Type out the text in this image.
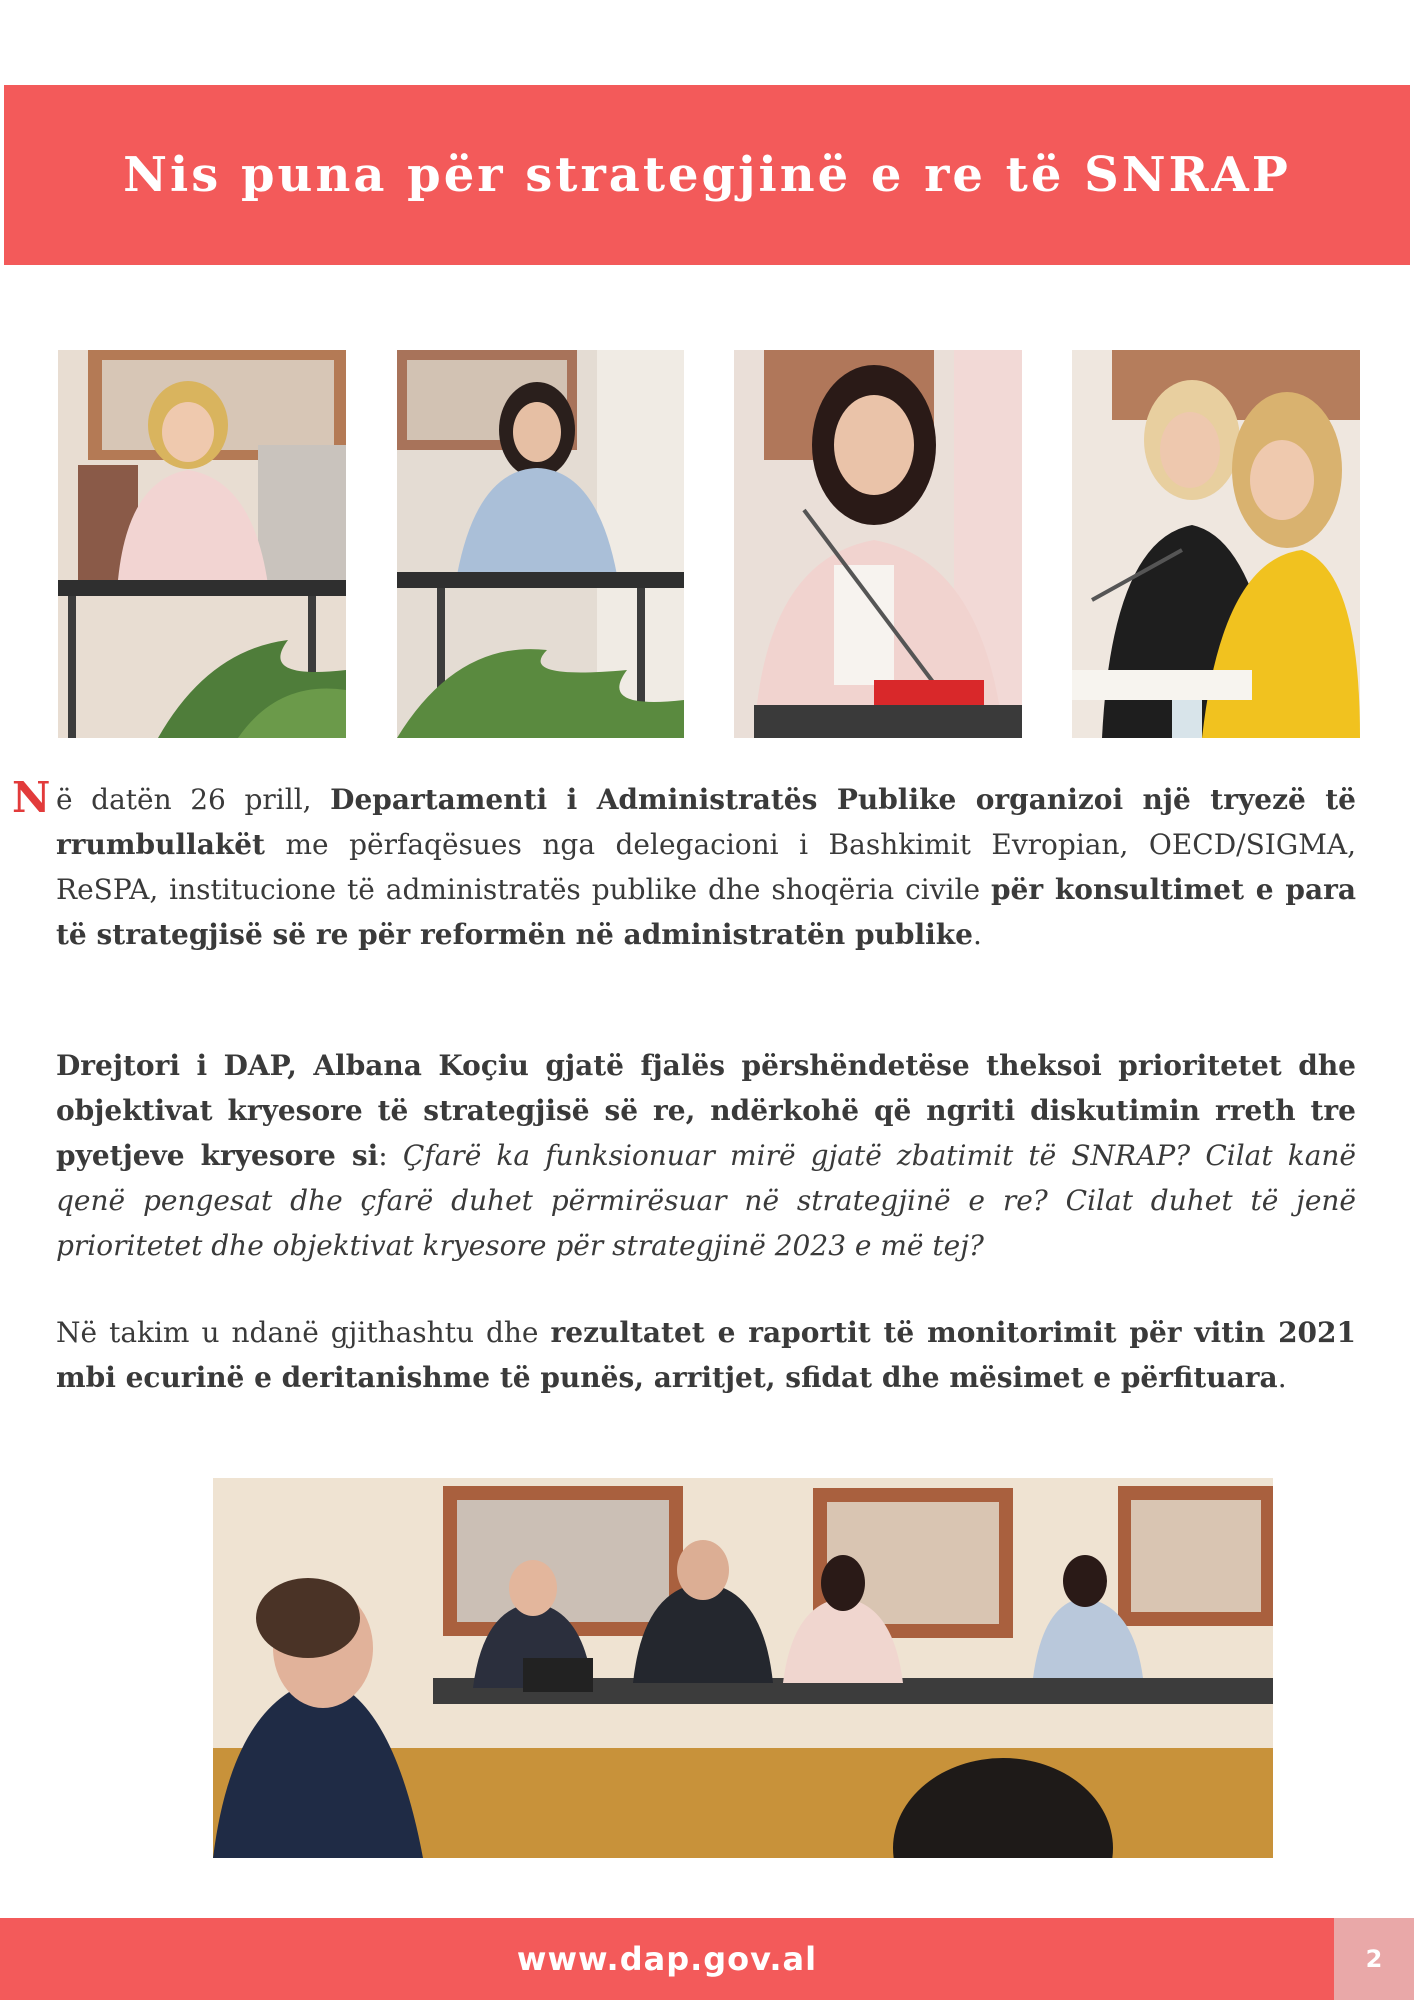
Nis puna për strategjinë e re të SNRAP
N ë datën 26 prill, Departamenti i Administratës Publike organizoi një tryezë të rrumbullakët me përfaqësues nga delegacioni i Bashkimit Evropian, OECD/SIGMA, ReSPA, institucione të administratës publike dhe shoqëria civile për konsultimet e para të strategjisë së re për reformën në administratën publike.
Drejtori i DAP, Albana Koçiu gjatë fjalës përshëndetëse theksoi prioritetet dhe objektivat kryesore të strategjisë së re, ndërkohë që ngriti diskutimin rreth tre pyetjeve kryesore si: Çfarë ka funksionuar mirë gjatë zbatimit të SNRAP? Cilat kanë qenë pengesat dhe çfarë duhet përmirësuar në strategjinë e re? Cilat duhet të jenë prioritetet dhe objektivat kryesore për strategjinë 2023 e më tej?
Në takim u ndanë gjithashtu dhe rezultatet e raportit të monitorimit për vitin 2021 mbi ecurinë e deritanishme të punës, arritjet, sfidat dhe mësimet e përfituara.
www.dap.gov.al	2
